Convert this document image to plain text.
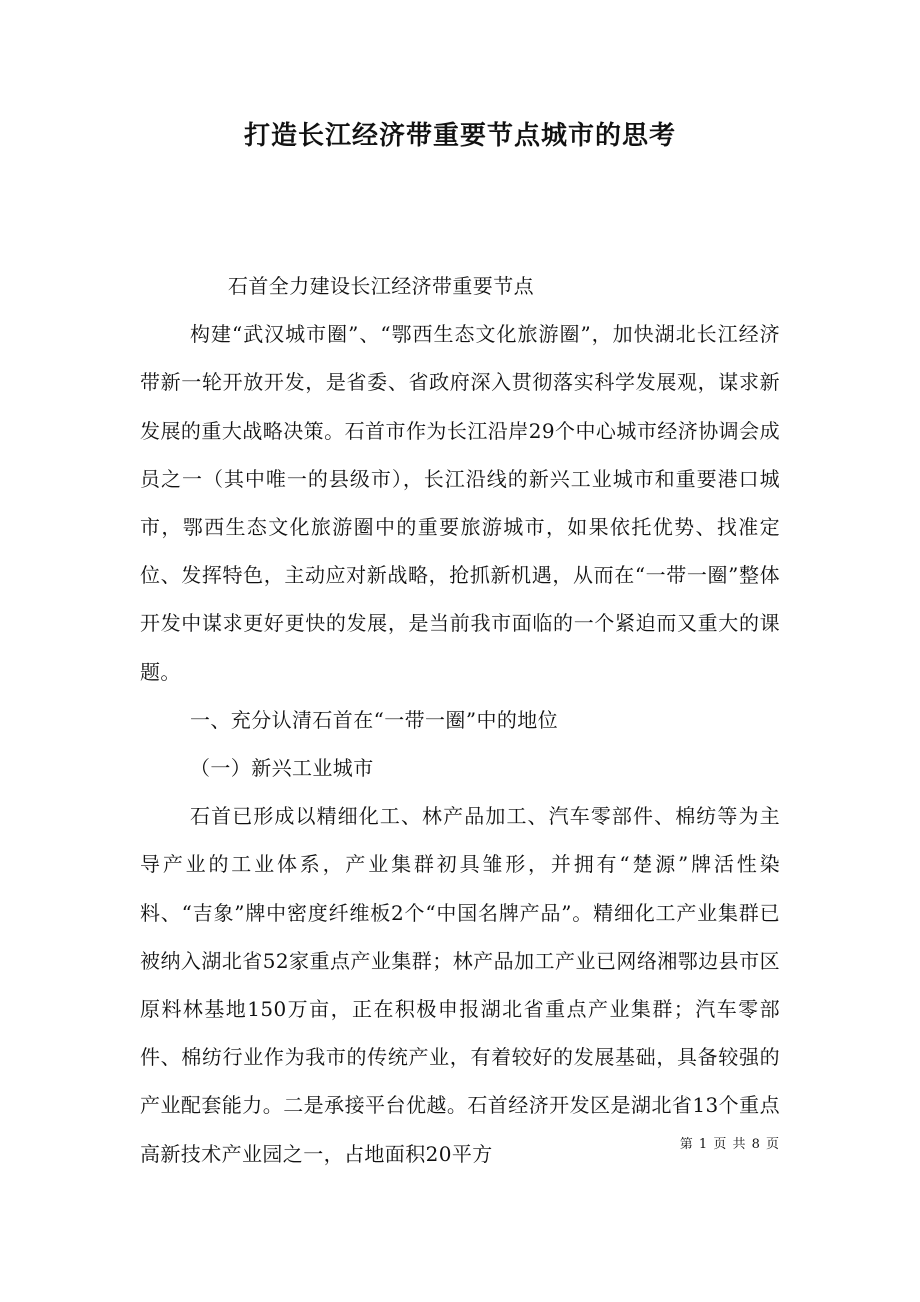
打造长江经济带重要节点城市的思考

石首全力建设长江经济带重要节点

构建“武汉城市圈”、“鄂西生态文化旅游圈”，加快湖北长江经济带新一轮开放开发，是省委、省政府深入贯彻落实科学发展观，谋求新发展的重大战略决策。石首市作为长江沿岸29个中心城市经济协调会成员之一（其中唯一的县级市），长江沿线的新兴工业城市和重要港口城市，鄂西生态文化旅游圈中的重要旅游城市，如果依托优势、找准定位、发挥特色，主动应对新战略，抢抓新机遇，从而在“一带一圈”整体开发中谋求更好更快的发展，是当前我市面临的一个紧迫而又重大的课题。

一、充分认清石首在“一带一圈”中的地位

（一）新兴工业城市

石首已形成以精细化工、林产品加工、汽车零部件、棉纺等为主导产业的工业体系，产业集群初具雏形，并拥有“楚源”牌活性染料、“吉象”牌中密度纤维板2个“中国名牌产品”。精细化工产业集群已被纳入湖北省52家重点产业集群；林产品加工产业已网络湘鄂边县市区原料林基地150万亩，正在积极申报湖北省重点产业集群；汽车零部件、棉纺行业作为我市的传统产业，有着较好的发展基础，具备较强的产业配套能力。二是承接平台优越。石首经济开发区是湖北省13个重点高新技术产业园之一，占地面积20平方	第 1 页 共 8 页
